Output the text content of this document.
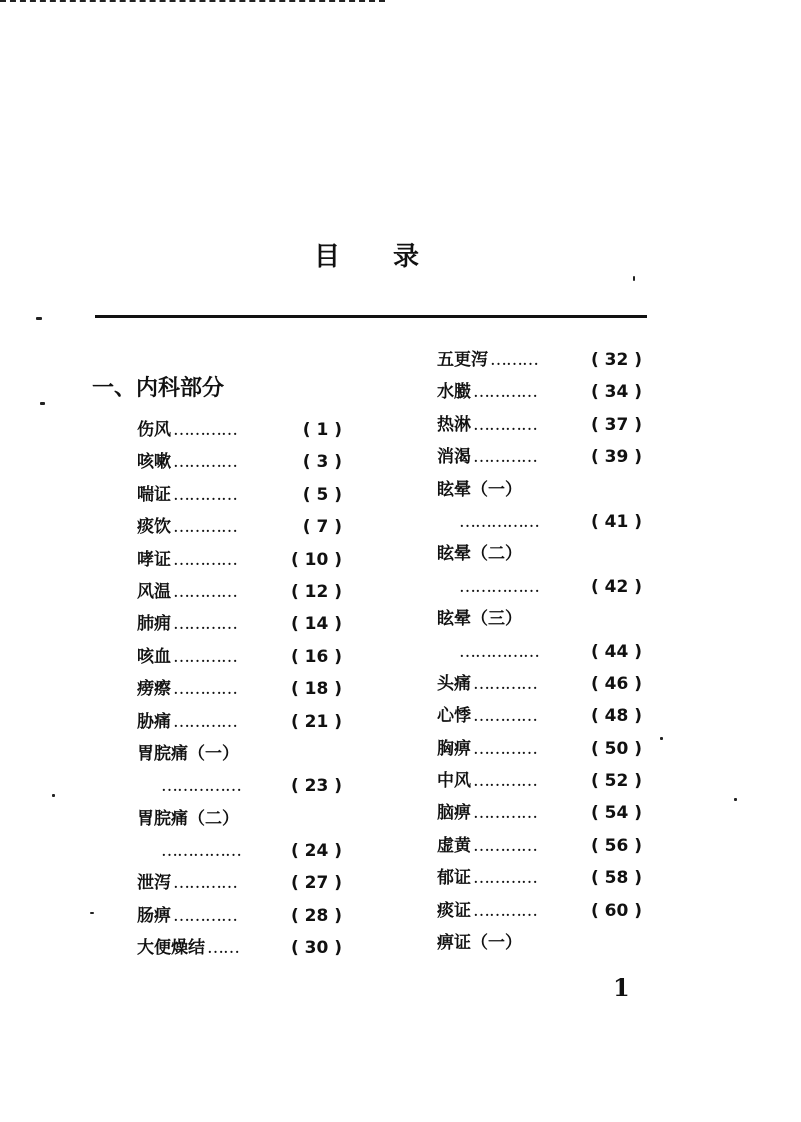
目 录
一、内科部分
伤风 …………	( 1 )
咳嗽 …………	( 3 )
喘证 …………	( 5 )
痰饮 …………	( 7 )
哮证 …………	( 10 )
风温 …………	( 12 )
肺痈 …………	( 14 )
咳血 …………	( 16 )
痨瘵 …………	( 18 )
胁痛 …………	( 21 )
胃脘痛（一）
……………	( 23 )
胃脘痛（二）
……………	( 24 )
泄泻 …………	( 27 )
肠痹 …………	( 28 )
大便燥结 ……	( 30 )
五更泻 ………	( 32 )
水臌 …………	( 34 )
热淋 …………	( 37 )
消渴 …………	( 39 )
眩晕（一）
……………	( 41 )
眩晕（二）
……………	( 42 )
眩晕（三）
……………	( 44 )
头痛 …………	( 46 )
心悸 …………	( 48 )
胸痹 …………	( 50 )
中风 …………	( 52 )
脑痹 …………	( 54 )
虚黄 …………	( 56 )
郁证 …………	( 58 )
痰证 …………	( 60 )
痹证（一）
1
